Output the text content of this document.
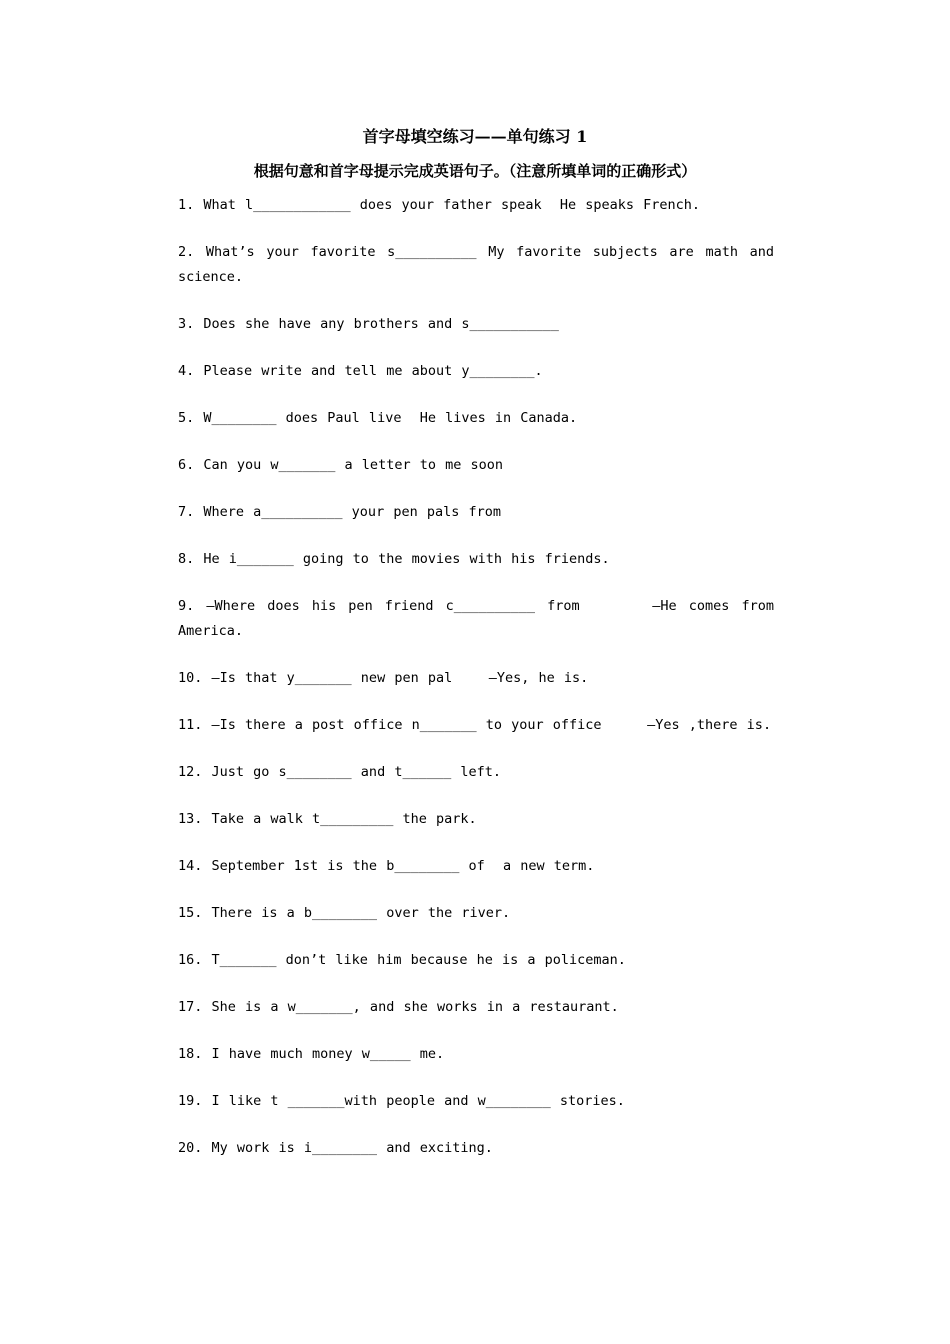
首字母填空练习——单句练习 1
根据句意和首字母提示完成英语句子。（注意所填单词的正确形式）
1. What l____________ does your father speak  He speaks French.
2. What’s your favorite s__________ My favorite subjects are math and science.
3. Does she have any brothers and s___________
4. Please write and tell me about y________.
5. W________ does Paul live  He lives in Canada.
6. Can you w_______ a letter to me soon
7. Where a__________ your pen pals from
8. He i_______ going to the movies with his friends.
9. —Where does his pen friend c__________ from      —He comes from America.
10. —Is that y_______ new pen pal    —Yes, he is.
11. —Is there a post office n_______ to your office     —Yes ,there is.
12. Just go s________ and t______ left.
13. Take a walk t_________ the park.
14. September 1st is the b________ of  a new term.
15. There is a b________ over the river.
16. T_______ don’t like him because he is a policeman.
17. She is a w_______, and she works in a restaurant.
18. I have much money w_____ me.
19. I like t _______with people and w________ stories.
20. My work is i________ and exciting.
